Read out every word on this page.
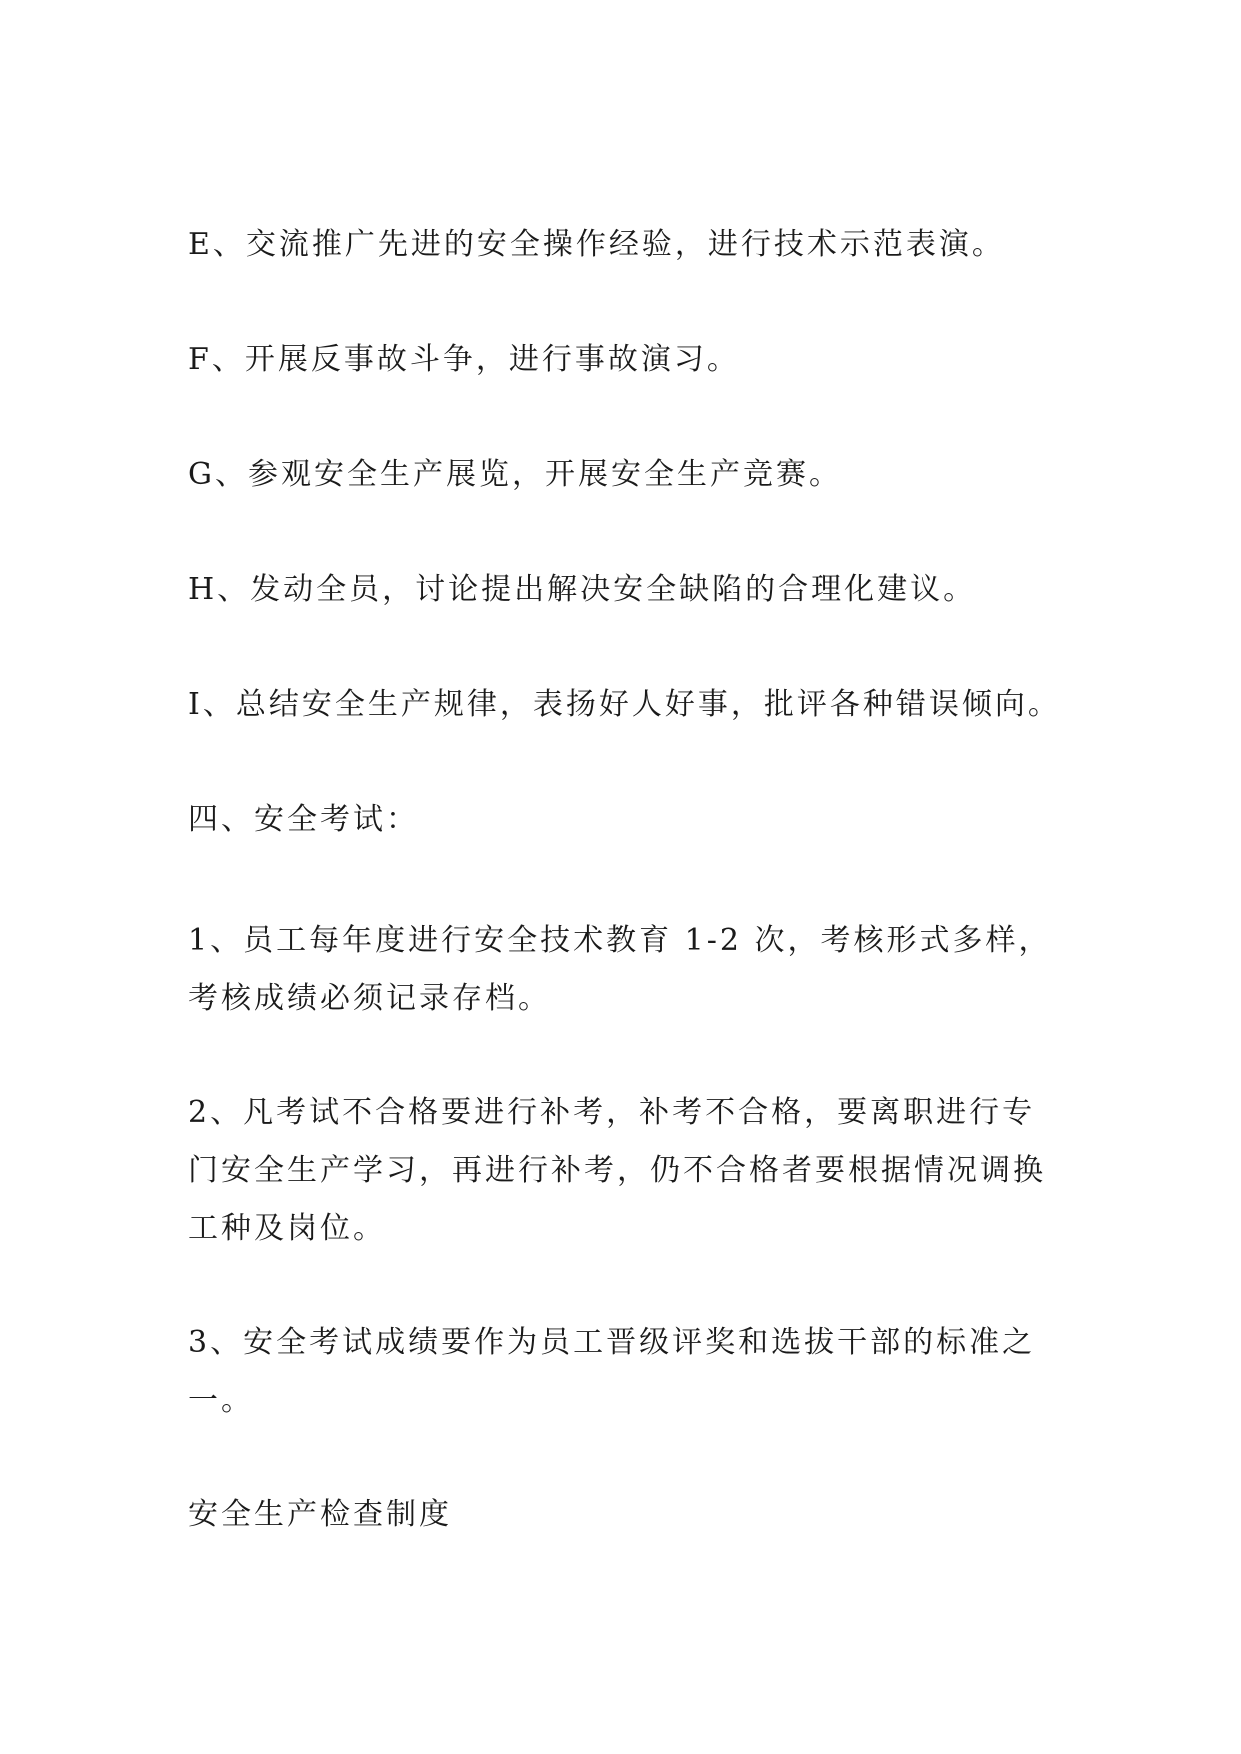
E、交流推广先进的安全操作经验，进行技术示范表演。

F、开展反事故斗争，进行事故演习。

G、参观安全生产展览，开展安全生产竞赛。

H、发动全员，讨论提出解决安全缺陷的合理化建议。

I、总结安全生产规律，表扬好人好事，批评各种错误倾向。

四、安全考试：

1、员工每年度进行安全技术教育 1-2 次，考核形式多样，
考核成绩必须记录存档。

2、凡考试不合格要进行补考，补考不合格，要离职进行专
门安全生产学习，再进行补考，仍不合格者要根据情况调换
工种及岗位。

3、安全考试成绩要作为员工晋级评奖和选拔干部的标准之
一。

安全生产检查制度
